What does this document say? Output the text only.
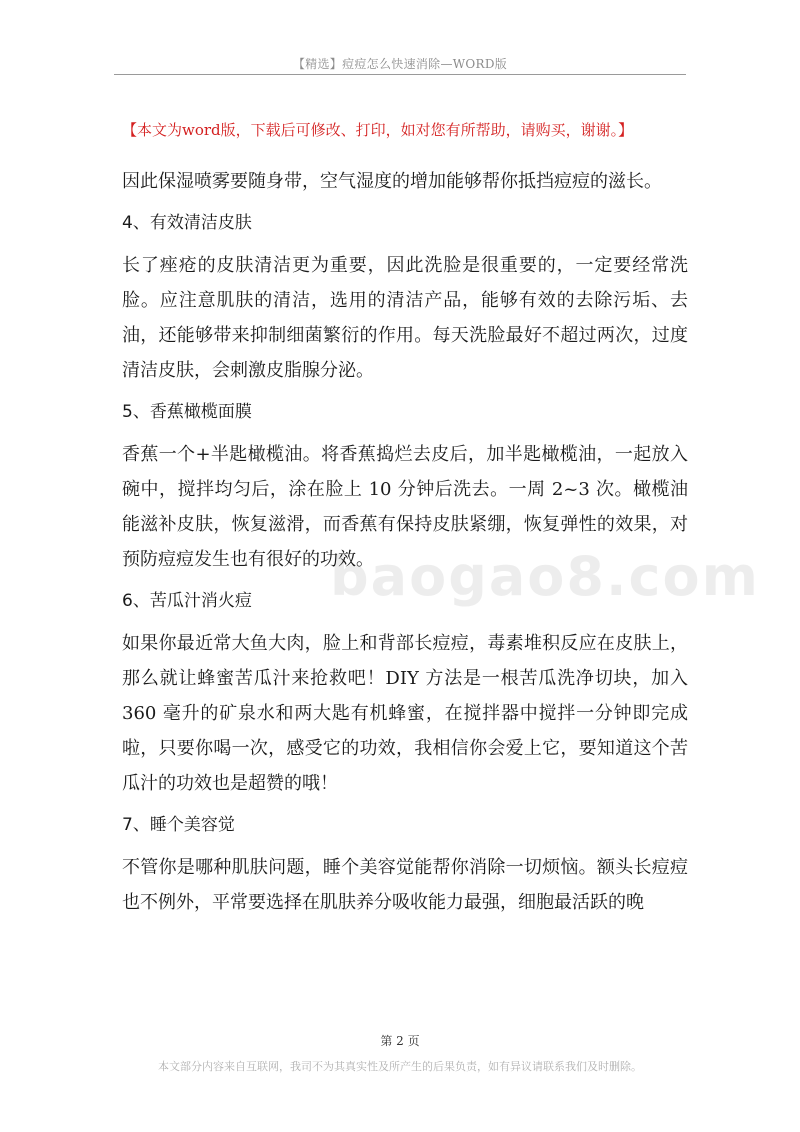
【精选】痘痘怎么快速消除—WORD版
【本文为word版，下载后可修改、打印，如对您有所帮助，请购买，谢谢。】

因此保湿喷雾要随身带，空气湿度的增加能够帮你抵挡痘痘的滋长。

4、有效清洁皮肤

长了痤疮的皮肤清洁更为重要，因此洗脸是很重要的，一定要经常洗脸。应注意肌肤的清洁，选用的清洁产品，能够有效的去除污垢、去油，还能够带来抑制细菌繁衍的作用。每天洗脸最好不超过两次，过度清洁皮肤，会刺激皮脂腺分泌。

5、香蕉橄榄面膜

香蕉一个+半匙橄榄油。将香蕉捣烂去皮后，加半匙橄榄油，一起放入碗中，搅拌均匀后，涂在脸上 10 分钟后洗去。一周 2~3 次。橄榄油能滋补皮肤，恢复滋滑，而香蕉有保持皮肤紧绷，恢复弹性的效果，对预防痘痘发生也有很好的功效。

6、苦瓜汁消火痘

如果你最近常大鱼大肉，脸上和背部长痘痘，毒素堆积反应在皮肤上，那么就让蜂蜜苦瓜汁来抢救吧！DIY 方法是一根苦瓜洗净切块，加入 360 毫升的矿泉水和两大匙有机蜂蜜，在搅拌器中搅拌一分钟即完成啦，只要你喝一次，感受它的功效，我相信你会爱上它，要知道这个苦瓜汁的功效也是超赞的哦！

7、睡个美容觉

不管你是哪种肌肤问题，睡个美容觉能帮你消除一切烦恼。额头长痘痘也不例外，平常要选择在肌肤养分吸收能力最强，细胞最活跃的晚

baogao8.com
第 2 页
本文部分内容来自互联网，我司不为其真实性及所产生的后果负责，如有异议请联系我们及时删除。
